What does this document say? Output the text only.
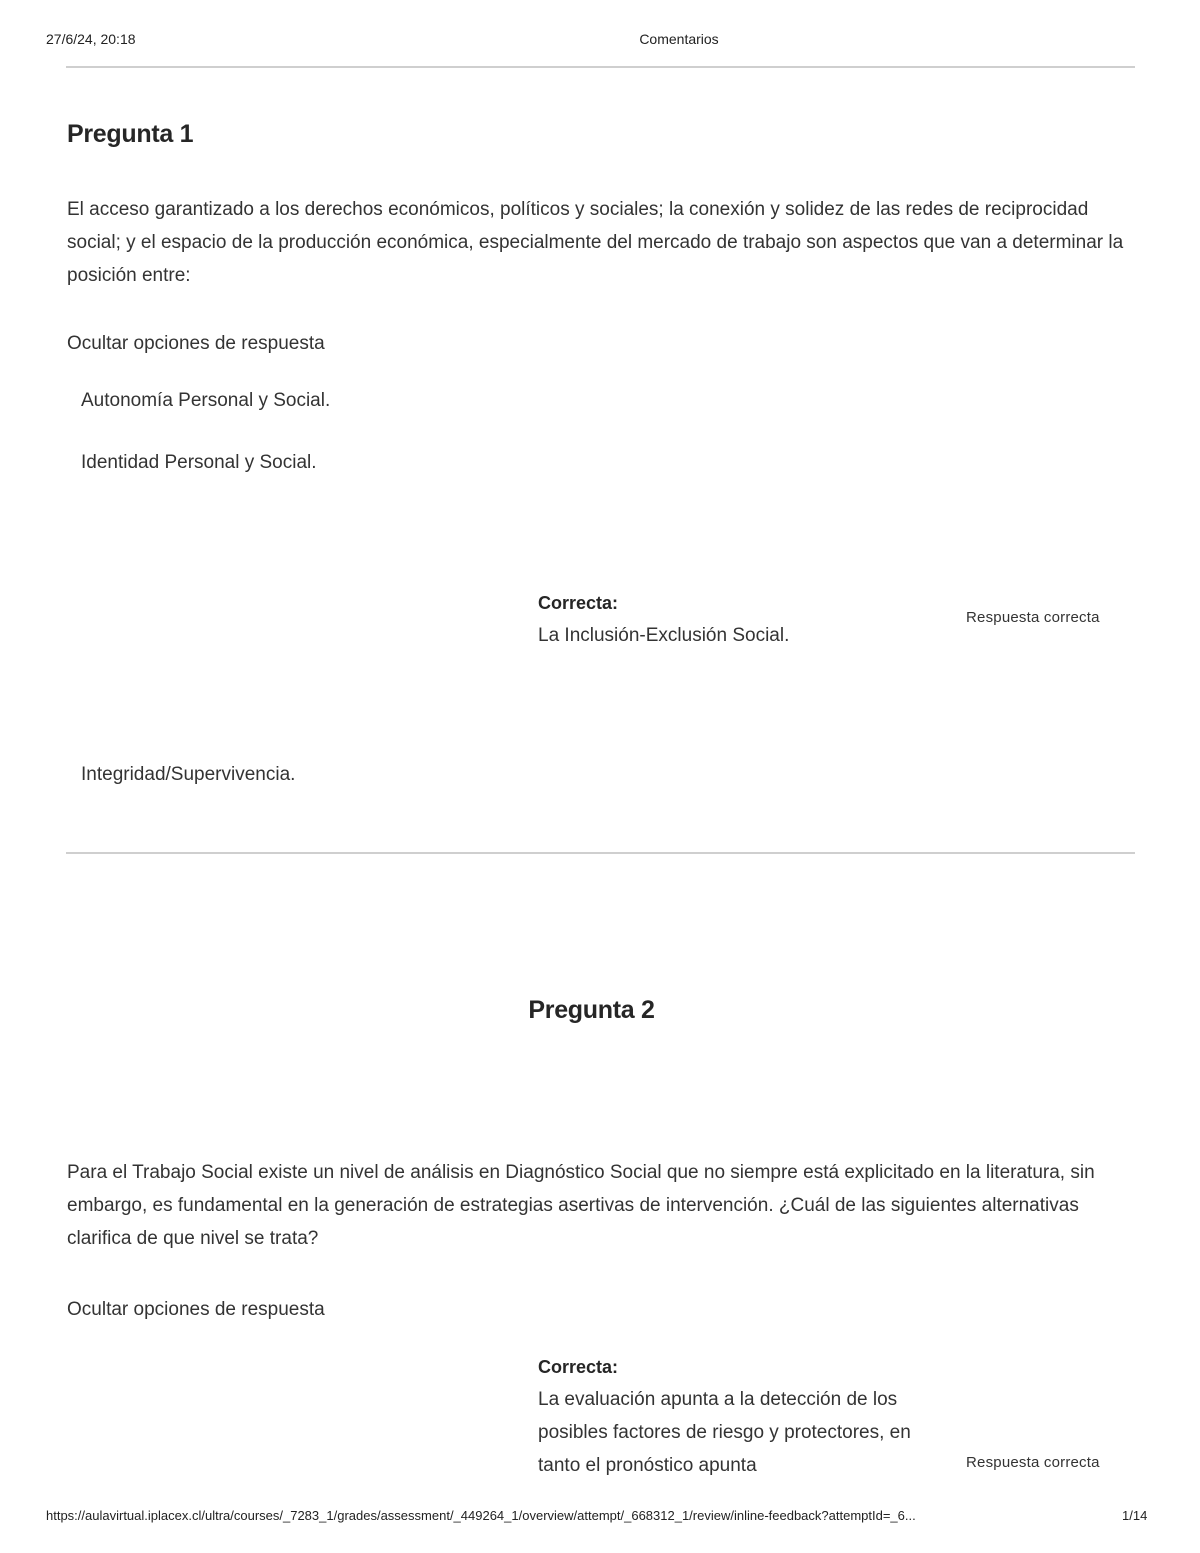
27/6/24, 20:18	Comentarios
Pregunta 1
El acceso garantizado a los derechos económicos, políticos y sociales; la conexión y solidez de las redes de reciprocidad social; y el espacio de la producción económica, especialmente del mercado de trabajo son aspectos que van a determinar la posición entre:
Ocultar opciones de respuesta
Autonomía Personal y Social.
Identidad Personal y Social.
Correcta:
La Inclusión-Exclusión Social.
Respuesta correcta
Integridad/Supervivencia.
Pregunta 2
Para el Trabajo Social existe un nivel de análisis en Diagnóstico Social que no siempre está explicitado en la literatura, sin embargo, es fundamental en la generación de estrategias asertivas de intervención. ¿Cuál de las siguientes alternativas clarifica de que nivel se trata?
Ocultar opciones de respuesta
Correcta:
La evaluación apunta a la detección de los posibles factores de riesgo y protectores, en tanto el pronóstico apunta	Respuesta correcta
https://aulavirtual.iplacex.cl/ultra/courses/_7283_1/grades/assessment/_449264_1/overview/attempt/_668312_1/review/inline-feedback?attemptId=_6...	1/14
